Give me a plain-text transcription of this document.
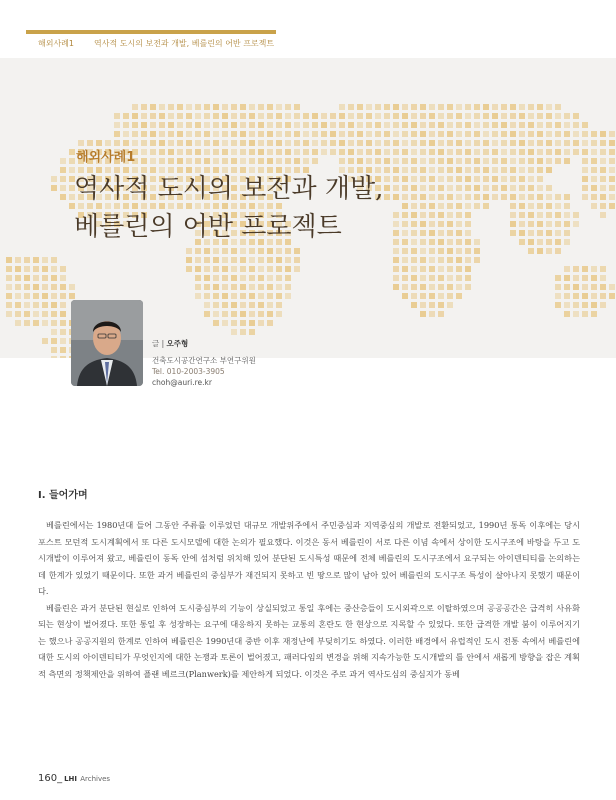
해외사례1	역사적 도시의 보전과 개발, 베를린의 어반 프로젝트
해외사례1
역사적 도시의 보전과 개발,
베를린의 어반 프로젝트
글 | 오주형
건축도시공간연구소 부연구위원
Tel. 010-2003-3905
choh@auri.re.kr
Ⅰ. 들어가며

베를린에서는 1980년대 들어 그동안 주류를 이루었던 대규모 개발위주에서 주민중심과 지역중심의 개발로 전환되었고, 1990년 통독 이후에는 당시 포스트 모던적 도시계획에서 또 다른 도시모델에 대한 논의가 필요했다. 이것은 동서 베를린이 서로 다른 이념 속에서 상이한 도시구조에 바탕을 두고 도시개발이 이루어져 왔고, 베를린이 동독 안에 섬처럼 위치해 있어 분단된 도시특성 때문에 전체 베를린의 도시구조에서 요구되는 아이덴티티를 논의하는데 한계가 있었기 때문이다. 또한 과거 베를린의 중심부가 재건되지 못하고 빈 땅으로 많이 남아 있어 베를린의 도시구조 특성이 살아나지 못했기 때문이다.

베를린은 과거 분단된 현실로 인하여 도시중심부의 기능이 상실되었고 통일 후에는 중산층들이 도시외곽으로 이탈하였으며 공공공간은 급격히 사유화되는 현상이 벌어졌다. 또한 통일 후 성장하는 요구에 대응하지 못하는 교통의 혼란도 한 현상으로 지목할 수 있었다. 또한 급격한 개발 붐이 이루어지기는 했으나 공공지원의 한계로 인하여 베를린은 1990년대 중반 이후 재정난에 부딪히기도 하였다. 이러한 배경에서 유럽적인 도시 전통 속에서 베를린에 대한 도시의 아이덴티티가 무엇인지에 대한 논쟁과 토론이 벌어졌고, 패러다임의 변경을 위해 지속가능한 도시개발의 틀 안에서 새롭게 방향을 잡은 계획적 측면의 정책제안을 위하여 플랜 베르크(Planwerk)를 제안하게 되었다. 이것은 주로 과거 역사도심의 중심지가 동베

160_ LHI Archives
